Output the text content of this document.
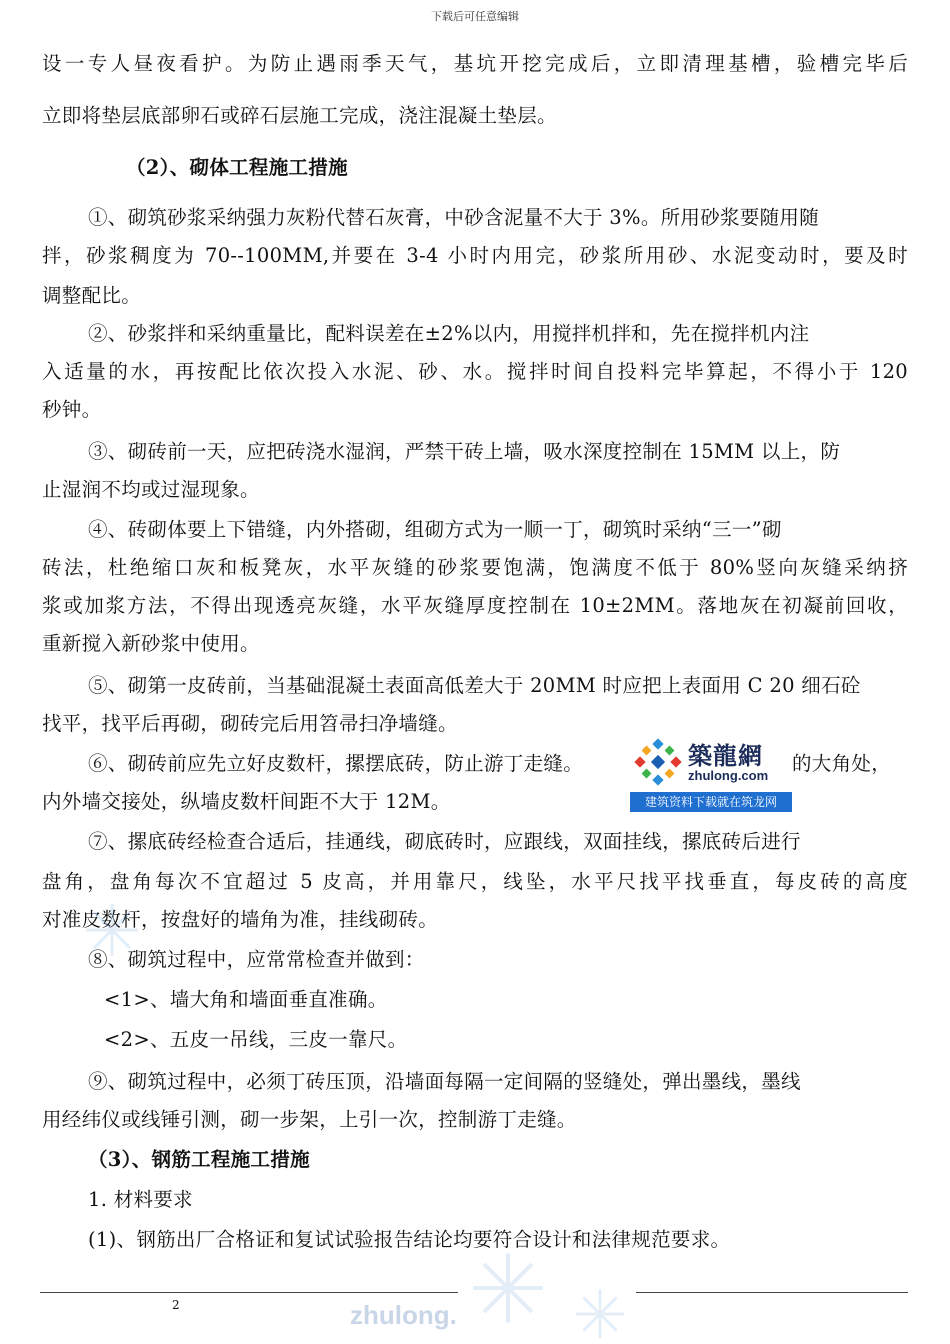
下载后可任意编辑
设一专人昼夜看护。为防止遇雨季天气，基坑开挖完成后，立即清理基槽，验槽完毕后
立即将垫层底部卵石或碎石层施工完成，浇注混凝土垫层。
（2）、砌体工程施工措施
①、砌筑砂浆采纳强力灰粉代替石灰膏，中砂含泥量不大于 3%。所用砂浆要随用随
拌，砂浆稠度为 70--100MM,并要在 3-4 小时内用完，砂浆所用砂、水泥变动时，要及时
调整配比。
②、砂浆拌和采纳重量比，配料误差在±2%以内，用搅拌机拌和，先在搅拌机内注
入适量的水，再按配比依次投入水泥、砂、水。搅拌时间自投料完毕算起，不得小于 120
秒钟。
③、砌砖前一天，应把砖浇水湿润，严禁干砖上墙，吸水深度控制在 15MM 以上，防
止湿润不均或过湿现象。
④、砖砌体要上下错缝，内外搭砌，组砌方式为一顺一丁，砌筑时采纳“三一”砌
砖法，杜绝缩口灰和板凳灰，水平灰缝的砂浆要饱满，饱满度不低于 80%竖向灰缝采纳挤
浆或加浆方法，不得出现透亮灰缝，水平灰缝厚度控制在 10±2MM。落地灰在初凝前回收，
重新搅入新砂浆中使用。
⑤、砌第一皮砖前，当基础混凝土表面高低差大于 20MM 时应把上表面用 C 20 细石砼
找平，找平后再砌，砌砖完后用笤帚扫净墙缝。
⑥、砌砖前应先立好皮数杆，摞摆底砖，防止游丁走缝。	的大角处，
内外墙交接处，纵墙皮数杆间距不大于 12M。
⑦、摞底砖经检查合适后，挂通线，砌底砖时，应跟线，双面挂线，摞底砖后进行
盘角，盘角每次不宜超过 5 皮高，并用靠尺，线坠，水平尺找平找垂直，每皮砖的高度
对准皮数杆，按盘好的墙角为准，挂线砌砖。
⑧、砌筑过程中，应常常检查并做到：
<1>、墙大角和墙面垂直准确。
<2>、五皮一吊线，三皮一靠尺。
⑨、砌筑过程中，必须丁砖压顶，沿墙面每隔一定间隔的竖缝处，弹出墨线，墨线
用经纬仪或线锤引测，砌一步架，上引一次，控制游丁走缝。
（3）、钢筋工程施工措施
1. 材料要求
(1)、钢筋出厂合格证和复试试验报告结论均要符合设计和法律规范要求。
築龍網
zhulong.com
建筑资料下载就在筑龙网
2	zhulong.
